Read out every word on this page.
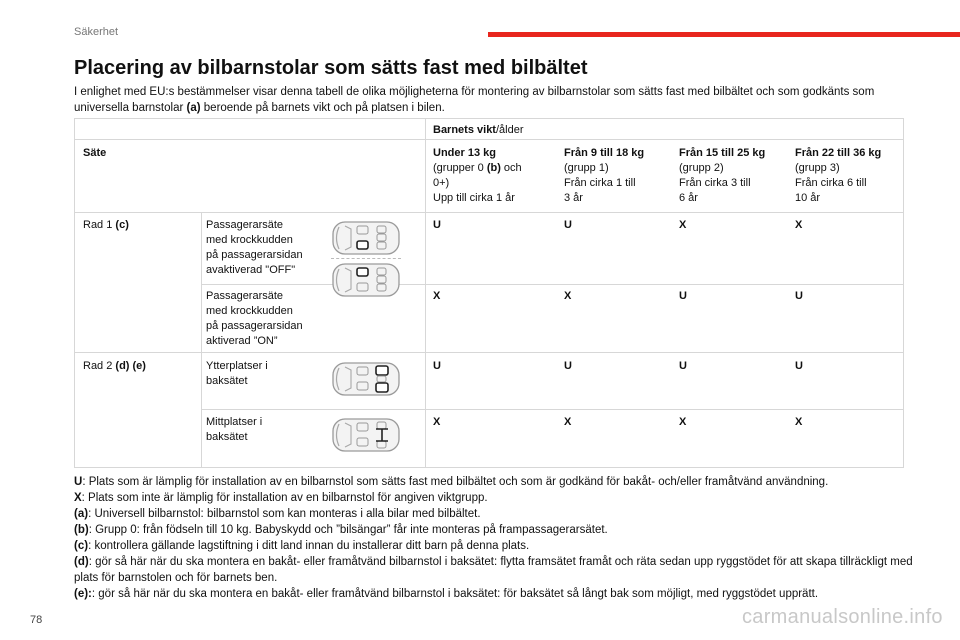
Säkerhet
Placering av bilbarnstolar som sätts fast med bilbältet
I enlighet med EU:s bestämmelser visar denna tabell de olika möjligheterna för montering av bilbarnstolar som sätts fast med bilbältet och som godkänts som universella barnstolar (a) beroende på barnets vikt och på platsen i bilen.
Barnets vikt/ålder
Säte	Under 13 kg
(grupper 0 (b) och
0+)
Upp till cirka 1 år
Från 9 till 18 kg
(grupp 1)
Från cirka 1 till
3 år
Från 15 till 25 kg
(grupp 2)
Från cirka 3 till
6 år
Från 22 till 36 kg
(grupp 3)
Från cirka 6 till
10 år
Rad 1 (c)	Passagerarsäte
med krockkudden
på passagerarsidan
avaktiverad "OFF"
U	U	X	X
Passagerarsäte
med krockkudden
på passagerarsidan
aktiverad ”ON”
X	X	U	U
Rad 2 (d) (e)	Ytterplatser i
baksätet
U	U	U	U
Mittplatser i
baksätet
X	X	X	X

U: Plats som är lämplig för installation av en bilbarnstol som sätts fast med bilbältet och som är godkänd för bakåt- och/eller framåtvänd användning.

X: Plats som inte är lämplig för installation av en bilbarnstol för angiven viktgrupp.

(a): Universell bilbarnstol: bilbarnstol som kan monteras i alla bilar med bilbältet.

(b): Grupp 0: från födseln till 10 kg. Babyskydd och ”bilsängar” får inte monteras på frampassagerarsätet.

(c): kontrollera gällande lagstiftning i ditt land innan du installerar ditt barn på denna plats.

(d): gör så här när du ska montera en bakåt- eller framåtvänd bilbarnstol i baksätet: flytta framsätet framåt och räta sedan upp ryggstödet för att skapa tillräckligt med plats för barnstolen och för barnets ben.

(e):: gör så här när du ska montera en bakåt- eller framåtvänd bilbarnstol i baksätet: för baksätet så långt bak som möjligt, med ryggstödet upprätt.

78	carmanualsonline.info
